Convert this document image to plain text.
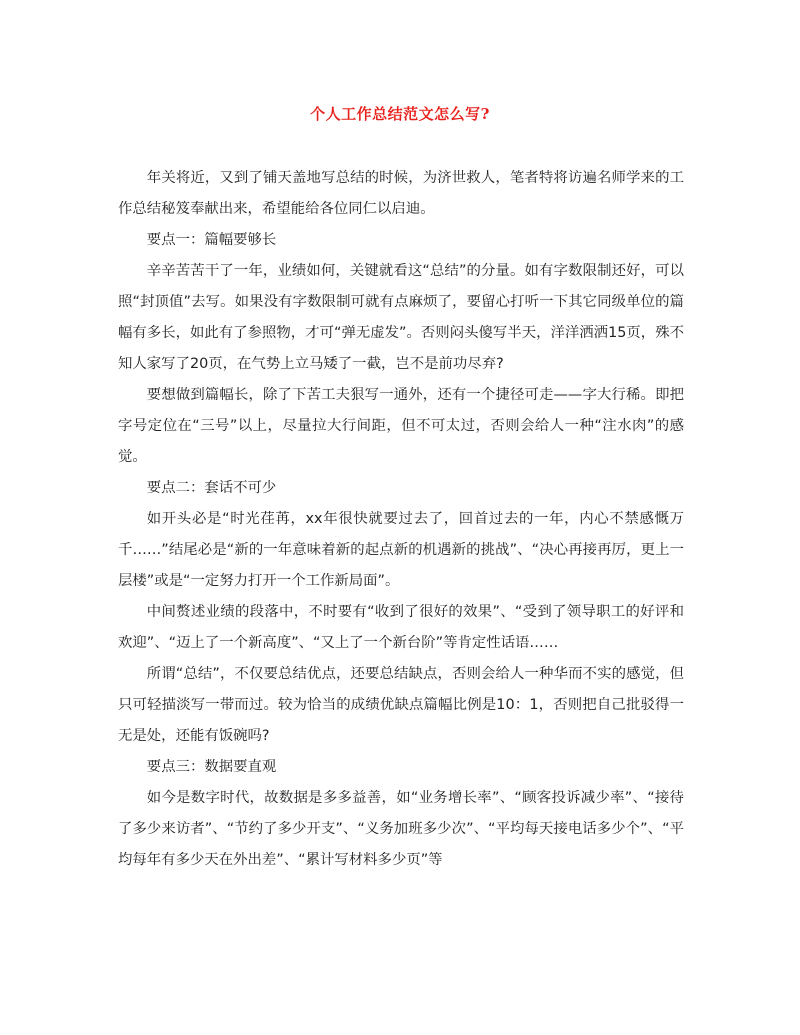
个人工作总结范文怎么写?

年关将近，又到了铺天盖地写总结的时候，为济世救人，笔者特将访遍名师学来的工作总结秘笈奉献出来，希望能给各位同仁以启迪。

要点一：篇幅要够长

辛辛苦苦干了一年，业绩如何，关键就看这“总结”的分量。如有字数限制还好，可以照“封顶值”去写。如果没有字数限制可就有点麻烦了，要留心打听一下其它同级单位的篇幅有多长，如此有了参照物，才可“弹无虚发”。否则闷头傻写半天，洋洋洒洒15页，殊不知人家写了20页，在气势上立马矮了一截，岂不是前功尽弃?

要想做到篇幅长，除了下苦工夫狠写一通外，还有一个捷径可走——字大行稀。即把字号定位在“三号”以上，尽量拉大行间距，但不可太过，否则会给人一种“注水肉”的感觉。

要点二：套话不可少

如开头必是“时光荏苒，xx年很快就要过去了，回首过去的一年，内心不禁感慨万千……”结尾必是“新的一年意味着新的起点新的机遇新的挑战”、“决心再接再厉，更上一层楼”或是“一定努力打开一个工作新局面”。

中间赘述业绩的段落中，不时要有“收到了很好的效果”、“受到了领导职工的好评和欢迎”、“迈上了一个新高度”、“又上了一个新台阶”等肯定性话语……

所谓“总结”，不仅要总结优点，还要总结缺点，否则会给人一种华而不实的感觉，但只可轻描淡写一带而过。较为恰当的成绩优缺点篇幅比例是10：1，否则把自己批驳得一无是处，还能有饭碗吗?

要点三：数据要直观

如今是数字时代，故数据是多多益善，如“业务增长率”、“顾客投诉减少率”、“接待了多少来访者”、“节约了多少开支”、“义务加班多少次”、“平均每天接电话多少个”、“平均每年有多少天在外出差”、“累计写材料多少页”等
